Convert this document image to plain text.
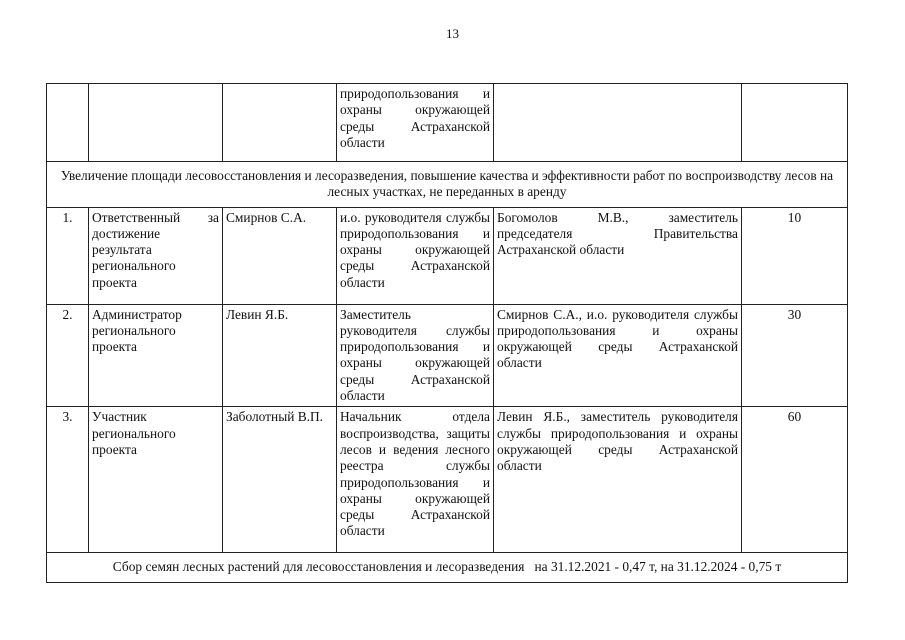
13
			природопользования и охраны окружающей среды Астраханской области		
Увеличение площади лесовосстановления и лесоразведения, повышение качества и эффективности работ по воспроизводству лесов на лесных участках, не переданных в аренду					
1.	Ответственный за достижение результата регионального проекта	Смирнов С.А.	и.о. руководителя службы природопользования и охраны окружающей среды Астраханской области	Богомолов М.В., заместитель председателя Правительства Астраханской области	10
2.	Администратор регионального проекта	Левин Я.Б.	Заместитель руководителя службы природопользования и охраны окружающей среды Астраханской области	Смирнов С.А., и.о. руководителя службы природопользования и охраны окружающей среды Астраханской области	30
3.	Участник регионального проекта	Заболотный В.П.	Начальник отдела воспроизводства, защиты лесов и ведения лесного реестра службы природопользования и охраны окружающей среды Астраханской области	Левин Я.Б., заместитель руководителя службы природопользования и охраны окружающей среды Астраханской области	60
Сбор семян лесных растений для лесовосстановления и лесоразведения   на 31.12.2021 - 0,47 т, на 31.12.2024 - 0,75 т					
